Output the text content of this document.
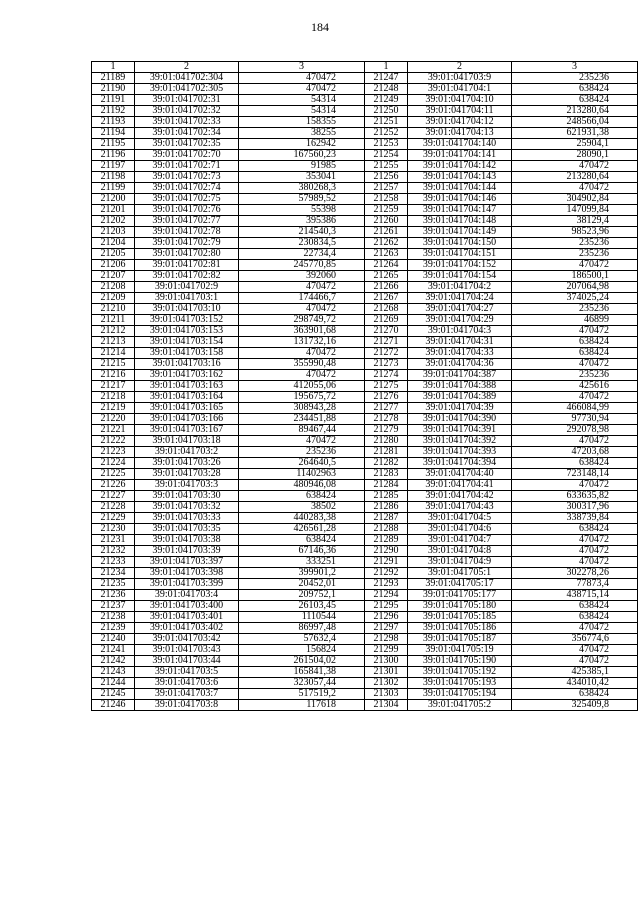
184
1	2	3
21189	39:01:041702:304	470472
21190	39:01:041702:305	470472
21191	39:01:041702:31	54314
21192	39:01:041702:32	54314
21193	39:01:041702:33	158355
21194	39:01:041702:34	38255
21195	39:01:041702:35	162942
21196	39:01:041702:70	167560,23
21197	39:01:041702:71	91985
21198	39:01:041702:73	353041
21199	39:01:041702:74	380268,3
21200	39:01:041702:75	57989,52
21201	39:01:041702:76	55398
21202	39:01:041702:77	395386
21203	39:01:041702:78	214540,3
21204	39:01:041702:79	230834,5
21205	39:01:041702:80	22734,4
21206	39:01:041702:81	245770,85
21207	39:01:041702:82	392060
21208	39:01:041702:9	470472
21209	39:01:041703:1	174466,7
21210	39:01:041703:10	470472
21211	39:01:041703:152	298749,72
21212	39:01:041703:153	363901,68
21213	39:01:041703:154	131732,16
21214	39:01:041703:158	470472
21215	39:01:041703:16	355990,48
21216	39:01:041703:162	470472
21217	39:01:041703:163	412055,06
21218	39:01:041703:164	195675,72
21219	39:01:041703:165	308943,28
21220	39:01:041703:166	234451,88
21221	39:01:041703:167	89467,44
21222	39:01:041703:18	470472
21223	39:01:041703:2	235236
21224	39:01:041703:26	264640,5
21225	39:01:041703:28	11402963
21226	39:01:041703:3	480946,08
21227	39:01:041703:30	638424
21228	39:01:041703:32	38502
21229	39:01:041703:33	440283,38
21230	39:01:041703:35	426561,28
21231	39:01:041703:38	638424
21232	39:01:041703:39	67146,36
21233	39:01:041703:397	333251
21234	39:01:041703:398	399901,2
21235	39:01:041703:399	20452,01
21236	39:01:041703:4	209752,1
21237	39:01:041703:400	26103,45
21238	39:01:041703:401	1110544
21239	39:01:041703:402	86997,48
21240	39:01:041703:42	57632,4
21241	39:01:041703:43	156824
21242	39:01:041703:44	261504,02
21243	39:01:041703:5	165841,38
21244	39:01:041703:6	323057,44
21245	39:01:041703:7	517519,2
21246	39:01:041703:8	117618
1	2	3
21247	39:01:041703:9	235236
21248	39:01:041704:1	638424
21249	39:01:041704:10	638424
21250	39:01:041704:11	213280,64
21251	39:01:041704:12	248566,04
21252	39:01:041704:13	621931,38
21253	39:01:041704:140	25904,1
21254	39:01:041704:141	28090,1
21255	39:01:041704:142	470472
21256	39:01:041704:143	213280,64
21257	39:01:041704:144	470472
21258	39:01:041704:146	304902,84
21259	39:01:041704:147	147099,84
21260	39:01:041704:148	38129,4
21261	39:01:041704:149	98523,96
21262	39:01:041704:150	235236
21263	39:01:041704:151	235236
21264	39:01:041704:152	470472
21265	39:01:041704:154	186500,1
21266	39:01:041704:2	207064,98
21267	39:01:041704:24	374025,24
21268	39:01:041704:27	235236
21269	39:01:041704:29	46899
21270	39:01:041704:3	470472
21271	39:01:041704:31	638424
21272	39:01:041704:33	638424
21273	39:01:041704:36	470472
21274	39:01:041704:387	235236
21275	39:01:041704:388	425616
21276	39:01:041704:389	470472
21277	39:01:041704:39	466084,99
21278	39:01:041704:390	97730,94
21279	39:01:041704:391	292078,98
21280	39:01:041704:392	470472
21281	39:01:041704:393	47203,68
21282	39:01:041704:394	638424
21283	39:01:041704:40	723148,14
21284	39:01:041704:41	470472
21285	39:01:041704:42	633635,82
21286	39:01:041704:43	300317,96
21287	39:01:041704:5	338739,84
21288	39:01:041704:6	638424
21289	39:01:041704:7	470472
21290	39:01:041704:8	470472
21291	39:01:041704:9	470472
21292	39:01:041705:1	302278,26
21293	39:01:041705:17	77873,4
21294	39:01:041705:177	438715,14
21295	39:01:041705:180	638424
21296	39:01:041705:185	638424
21297	39:01:041705:186	470472
21298	39:01:041705:187	356774,6
21299	39:01:041705:19	470472
21300	39:01:041705:190	470472
21301	39:01:041705:192	425385,1
21302	39:01:041705:193	434010,42
21303	39:01:041705:194	638424
21304	39:01:041705:2	325409,8
